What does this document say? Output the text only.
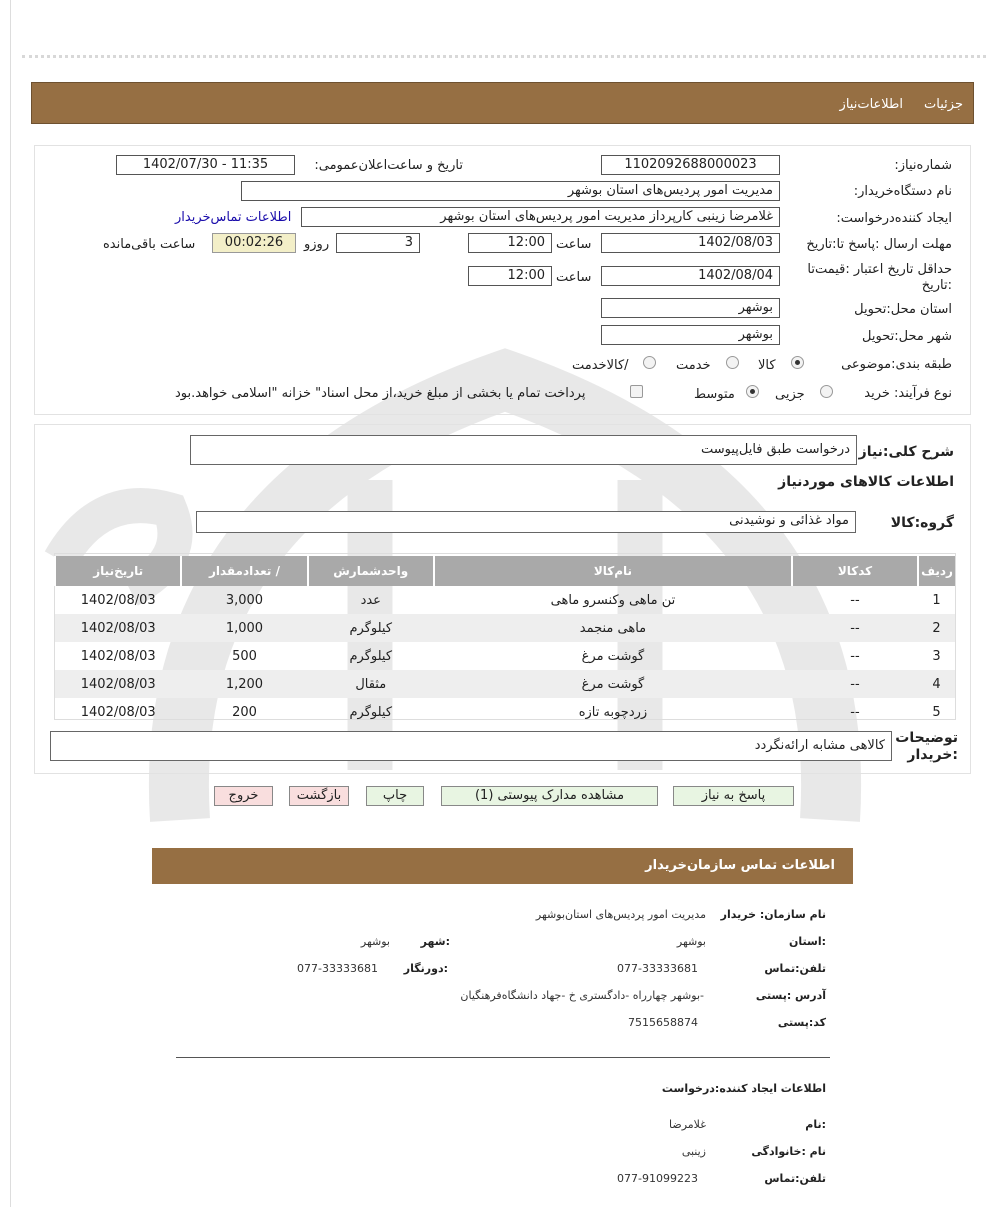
جزئیات
اطلاعات‌نیاز
شماره‌نیاز:
1102092688000023
تاریخ و ساعت‌اعلان‌عمومی:
1402/07/30 - 11:35
نام دستگاه‌خریدار:
مدیریت امور پردیس‌های استان بوشهر
ایجاد کننده‌درخواست:
غلامرضا زینبی کارپرداز مدیریت امور پردیس‌های استان بوشهر
اطلاعات تماس‌خریدار
مهلت ارسال :پاسخ تا:تاریخ
1402/08/03
ساعت
12:00
3
روزو
00:02:26
ساعت باقی‌مانده
حداقل تاریخ اعتبار :قیمت‌تا :تاریخ
1402/08/04
ساعت
12:00
استان محل:تحویل
بوشهر
شهر محل:تحویل
بوشهر
طبقه بندی:موضوعی
کالا
خدمت
/کالاخدمت
نوع فرآیند: خرید
جزیی
متوسط
پرداخت تمام یا بخشی از مبلغ خرید،از محل اسناد" خزانه "اسلامی خواهد.بود
شرح کلی:نیاز
درخواست طبق فایل‌پیوست
اطلاعات کالاهای موردنیاز
گروه:کالا
مواد غذائی و نوشیدنی
ردیف	کدکالا	نام‌کالا	واحدشمارش	/ تعدادمقدار	تاریخ‌نیاز
1	--	تن ماهی وکنسرو ماهی	عدد	3,000	1402/08/03
2	--	ماهی منجمد	کیلوگرم	1,000	1402/08/03
3	--	گوشت مرغ	کیلوگرم	500	1402/08/03
4	--	گوشت مرغ	مثقال	1,200	1402/08/03
5	--	زردچوبه تازه	کیلوگرم	200	1402/08/03
توضیحات :خریدار
کالاهی مشابه ارائه‌نگردد
پاسخ به نیاز
مشاهده مدارک پیوستی (1)
چاپ
بازگشت
خروج
اطلاعات تماس سازمان‌خریدار
نام سازمان: خریدار
مدیریت امور پردیس‌های استان‌بوشهر
:استان
بوشهر
:شهر
بوشهر
تلفن:تماس
077-33333681
:دورنگار
077-33333681
آدرس :پستی
-بوشهر چهارراه -دادگستری خ -جهاد دانشگاه‌فرهنگیان
کد:پستی
7515658874
اطلاعات ایجاد کننده:درخواست
:نام
غلامرضا
نام :خانوادگی
زینبی
تلفن:تماس
077-91099223
